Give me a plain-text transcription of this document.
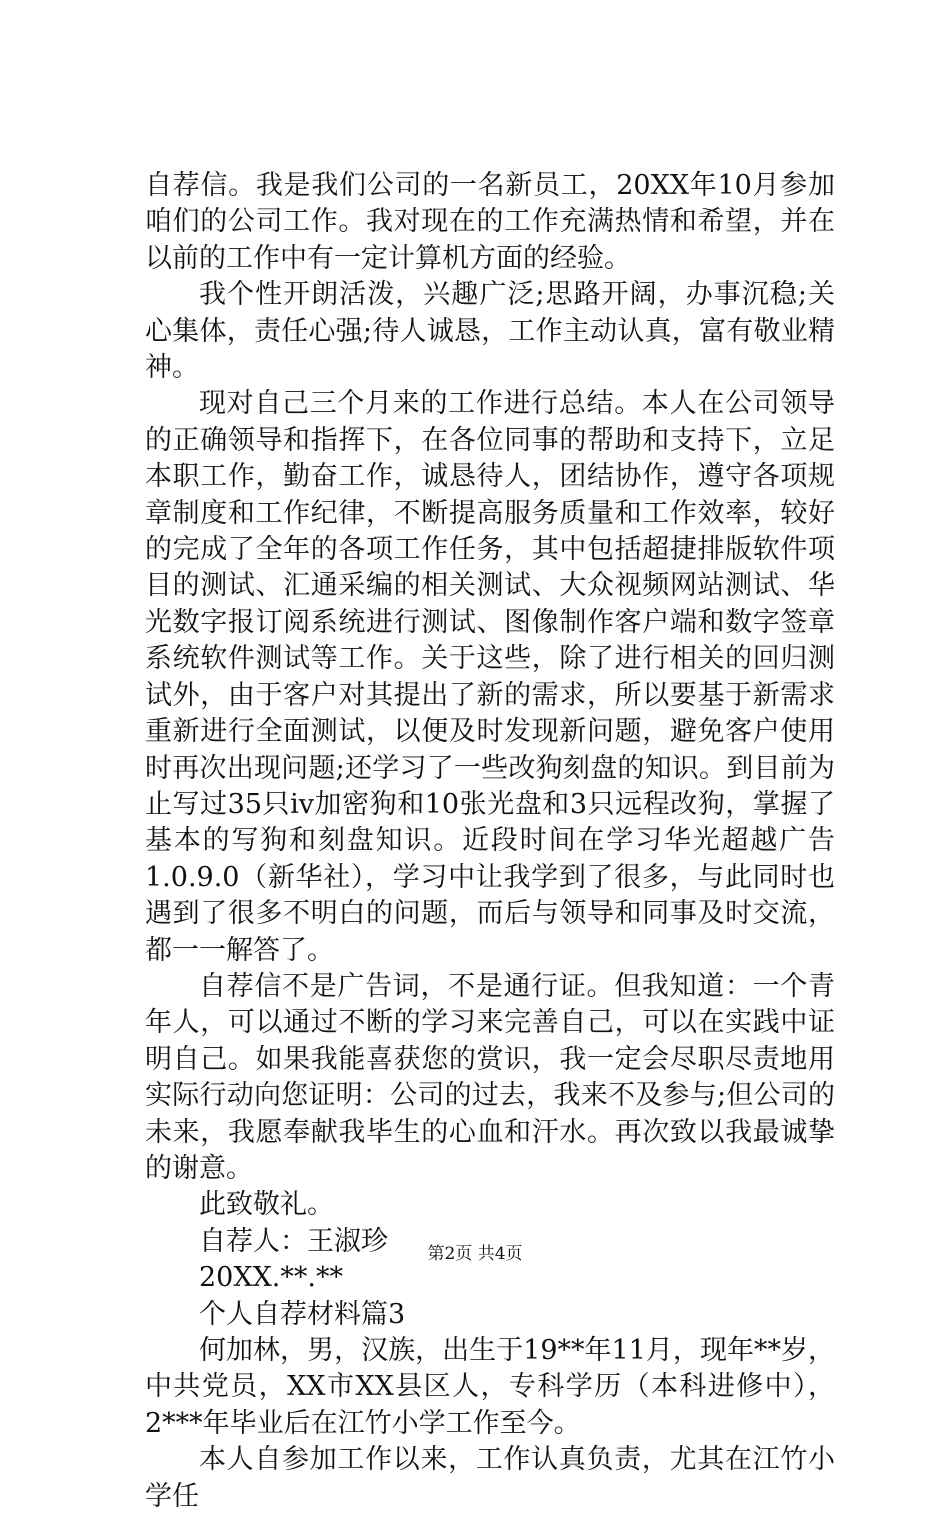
自荐信。我是我们公司的一名新员工，20XX年10月参加咱们的公司工作。我对现在的工作充满热情和希望，并在以前的工作中有一定计算机方面的经验。

我个性开朗活泼，兴趣广泛;思路开阔，办事沉稳;关心集体，责任心强;待人诚恳，工作主动认真，富有敬业精神。

现对自己三个月来的工作进行总结。本人在公司领导的正确领导和指挥下，在各位同事的帮助和支持下，立足本职工作，勤奋工作，诚恳待人，团结协作，遵守各项规章制度和工作纪律，不断提高服务质量和工作效率，较好的完成了全年的各项工作任务，其中包括超捷排版软件项目的测试、汇通采编的相关测试、大众视频网站测试、华光数字报订阅系统进行测试、图像制作客户端和数字签章系统软件测试等工作。关于这些，除了进行相关的回归测试外，由于客户对其提出了新的需求，所以要基于新需求重新进行全面测试，以便及时发现新问题，避免客户使用时再次出现问题;还学习了一些改狗刻盘的知识。到目前为止写过35只iv加密狗和10张光盘和3只远程改狗，掌握了基本的写狗和刻盘知识。近段时间在学习华光超越广告1.0.9.0（新华社），学习中让我学到了很多，与此同时也遇到了很多不明白的问题，而后与领导和同事及时交流，都一一解答了。

自荐信不是广告词，不是通行证。但我知道：一个青年人，可以通过不断的学习来完善自己，可以在实践中证明自己。如果我能喜获您的赏识，我一定会尽职尽责地用实际行动向您证明：公司的过去，我来不及参与;但公司的未来，我愿奉献我毕生的心血和汗水。再次致以我最诚挚的谢意。

此致敬礼。

自荐人：王淑珍

20XX.**.**

个人自荐材料篇3

何加林，男，汉族，出生于19**年11月，现年**岁，中共党员，XX市XX县区人，专科学历（本科进修中），2***年毕业后在江竹小学工作至今。

本人自参加工作以来，工作认真负责，尤其在江竹小学任

第2页 共4页
